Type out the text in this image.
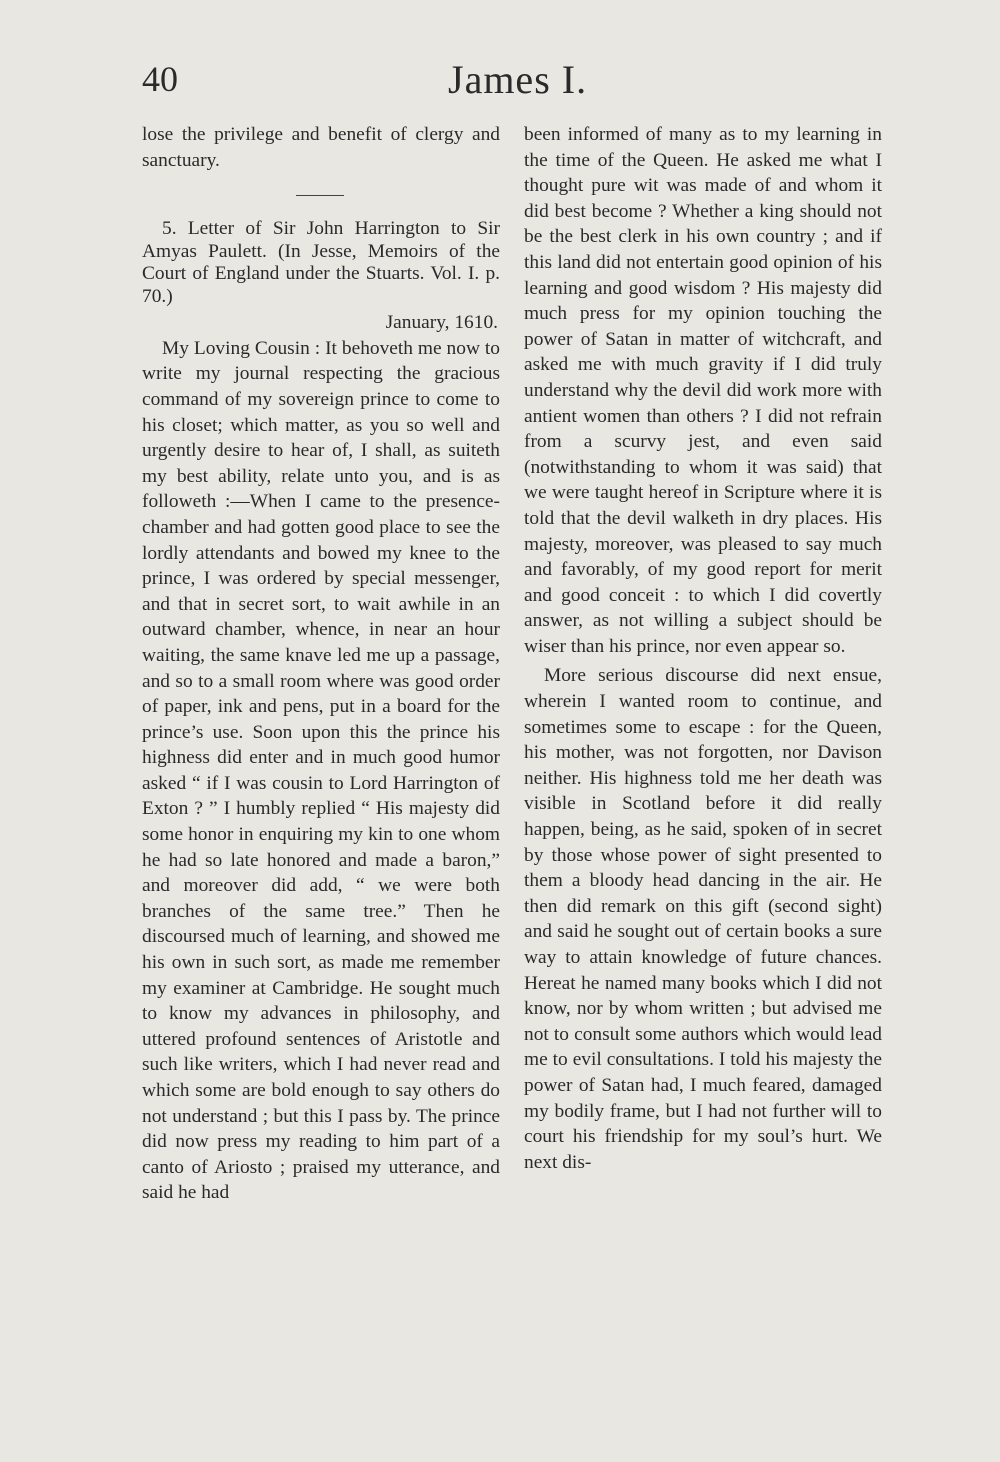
40	James I.

lose the privilege and benefit of clergy and sanctuary.

5. Letter of Sir John Harrington to Sir Amyas Paulett. (In Jesse, Memoirs of the Court of England under the Stuarts. Vol. I. p. 70.)

January, 1610.

My Loving Cousin : It behoveth me now to write my journal respecting the gracious command of my sovereign prince to come to his closet; which matter, as you so well and urgently desire to hear of, I shall, as suiteth my best ability, relate unto you, and is as followeth :—When I came to the presence-chamber and had gotten good place to see the lordly attendants and bowed my knee to the prince, I was ordered by special messenger, and that in secret sort, to wait awhile in an outward chamber, whence, in near an hour waiting, the same knave led me up a passage, and so to a small room where was good order of paper, ink and pens, put in a board for the prince’s use. Soon upon this the prince his highness did enter and in much good humor asked “ if I was cousin to Lord Harrington of Exton ? ” I humbly replied “ His majesty did some honor in enquiring my kin to one whom he had so late honored and made a baron,” and moreover did add, “ we were both branches of the same tree.” Then he discoursed much of learning, and showed me his own in such sort, as made me remember my examiner at Cambridge. He sought much to know my advances in philosophy, and uttered profound sentences of Aristotle and such like writers, which I had never read and which some are bold enough to say others do not understand ; but this I pass by. The prince did now press my reading to him part of a canto of Ariosto ; praised my utterance, and said he had

been informed of many as to my learning in the time of the Queen. He asked me what I thought pure wit was made of and whom it did best become ? Whether a king should not be the best clerk in his own country ; and if this land did not entertain good opinion of his learning and good wisdom ? His majesty did much press for my opinion touching the power of Satan in matter of witchcraft, and asked me with much gravity if I did truly understand why the devil did work more with antient women than others ? I did not refrain from a scurvy jest, and even said (notwithstanding to whom it was said) that we were taught hereof in Scripture where it is told that the devil walketh in dry places. His majesty, moreover, was pleased to say much and favorably, of my good report for merit and good conceit : to which I did covertly answer, as not willing a subject should be wiser than his prince, nor even appear so.

More serious discourse did next ensue, wherein I wanted room to continue, and sometimes some to escape : for the Queen, his mother, was not forgotten, nor Davison neither. His highness told me her death was visible in Scotland before it did really happen, being, as he said, spoken of in secret by those whose power of sight presented to them a bloody head dancing in the air. He then did remark on this gift (second sight) and said he sought out of certain books a sure way to attain knowledge of future chances. Hereat he named many books which I did not know, nor by whom written ; but advised me not to consult some authors which would lead me to evil consultations. I told his majesty the power of Satan had, I much feared, damaged my bodily frame, but I had not further will to court his friendship for my soul’s hurt. We next dis-
